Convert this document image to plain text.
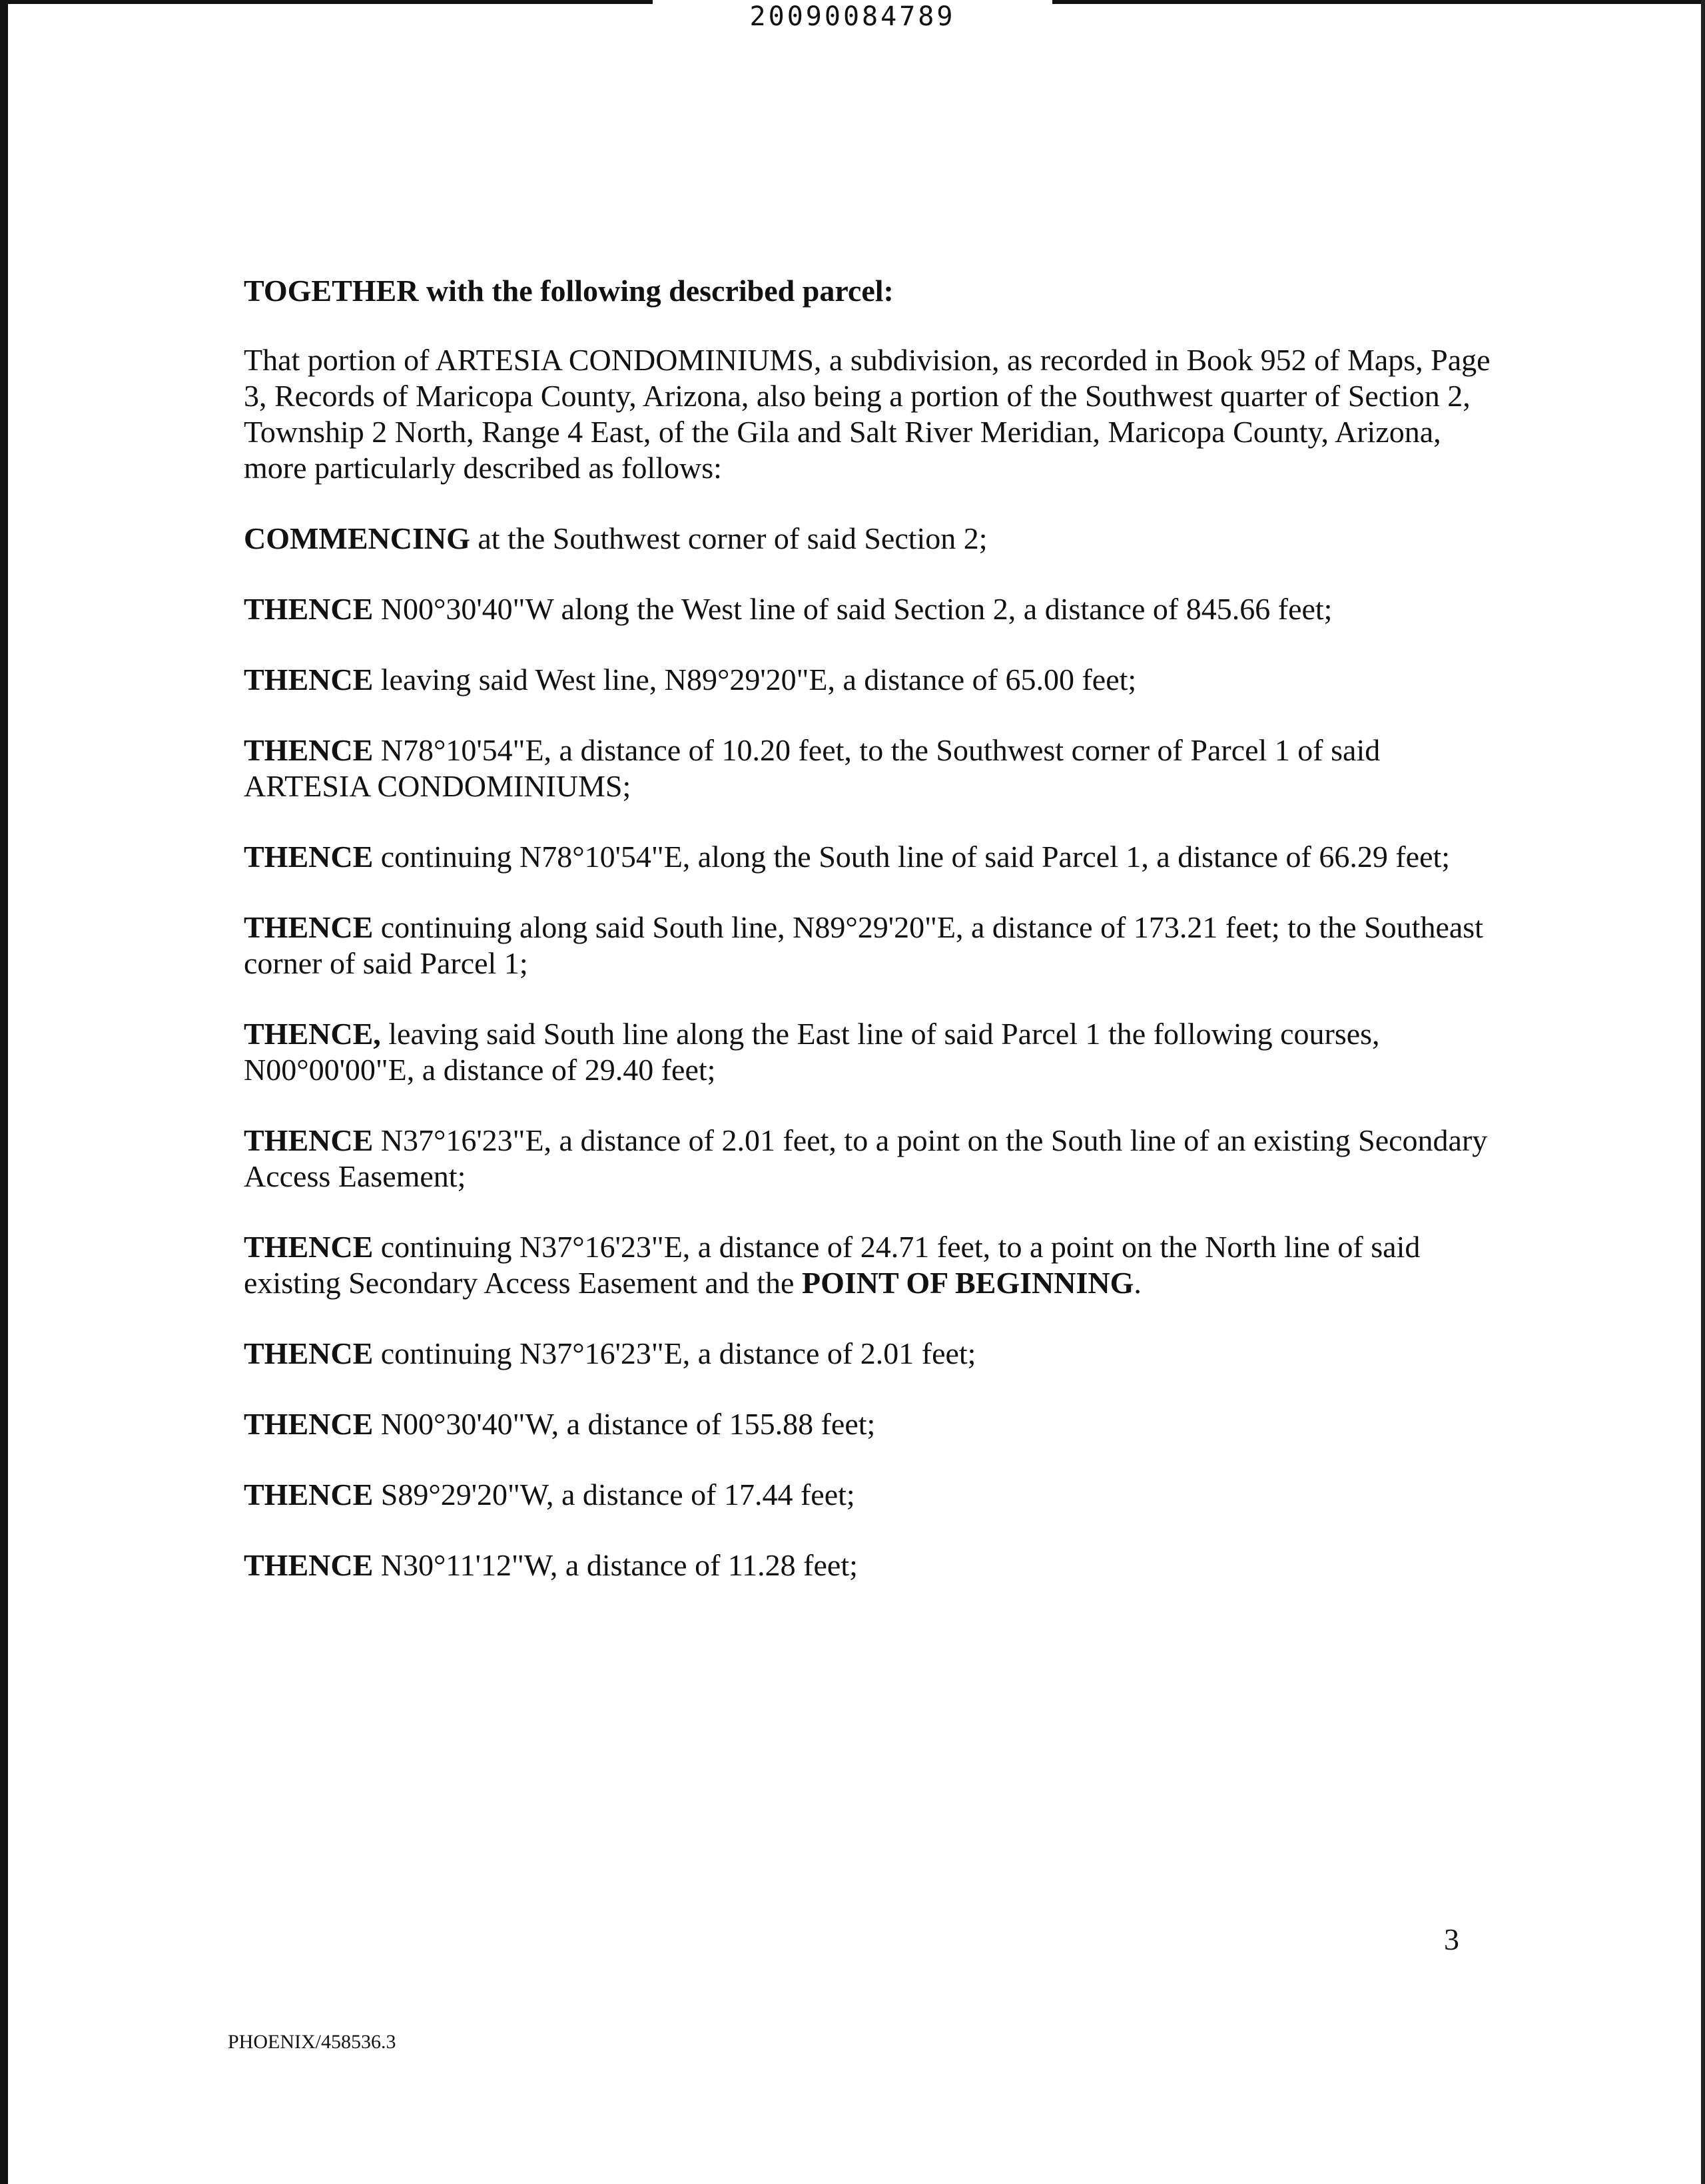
20090084789

TOGETHER with the following described parcel:

That portion of ARTESIA CONDOMINIUMS, a subdivision, as recorded in Book 952 of Maps, Page 3, Records of Maricopa County, Arizona, also being a portion of the Southwest quarter of Section 2, Township 2 North, Range 4 East, of the Gila and Salt River Meridian, Maricopa County, Arizona, more particularly described as follows:

COMMENCING at the Southwest corner of said Section 2;

THENCE N00°30'40"W along the West line of said Section 2, a distance of 845.66 feet;

THENCE leaving said West line, N89°29'20"E, a distance of 65.00 feet;

THENCE N78°10'54"E, a distance of 10.20 feet, to the Southwest corner of Parcel 1 of said ARTESIA CONDOMINIUMS;

THENCE continuing N78°10'54"E, along the South line of said Parcel 1, a distance of 66.29 feet;

THENCE continuing along said South line, N89°29'20"E, a distance of 173.21 feet; to the Southeast corner of said Parcel 1;

THENCE, leaving said South line along the East line of said Parcel 1 the following courses, N00°00'00"E, a distance of 29.40 feet;

THENCE N37°16'23"E, a distance of 2.01 feet, to a point on the South line of an existing Secondary Access Easement;

THENCE continuing N37°16'23"E, a distance of 24.71 feet, to a point on the North line of said existing Secondary Access Easement and the POINT OF BEGINNING.

THENCE continuing N37°16'23"E, a distance of 2.01 feet;

THENCE N00°30'40"W, a distance of 155.88 feet;

THENCE S89°29'20"W, a distance of 17.44 feet;

THENCE N30°11'12"W, a distance of 11.28 feet;

3
PHOENIX/458536.3
